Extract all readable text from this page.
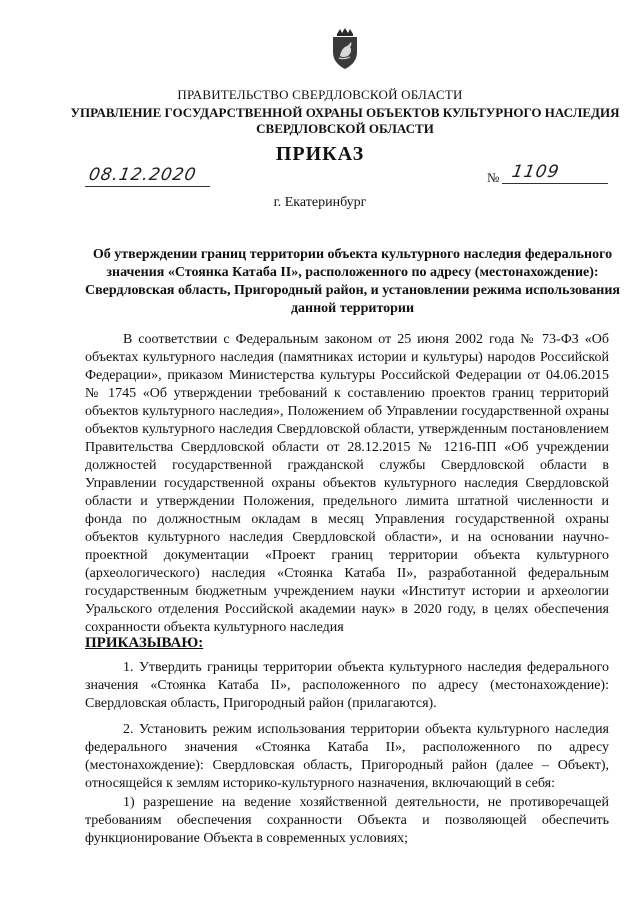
ПРАВИТЕЛЬСТВО СВЕРДЛОВСКОЙ ОБЛАСТИ
УПРАВЛЕНИЕ ГОСУДАРСТВЕННОЙ ОХРАНЫ ОБЪЕКТОВ КУЛЬТУРНОГО НАСЛЕДИЯ СВЕРДЛОВСКОЙ ОБЛАСТИ
ПРИКАЗ
08.12.2020	№ 1109
г. Екатеринбург
Об утверждении границ территории объекта культурного наследия федерального значения «Стоянка Катаба II», расположенного по адресу (местонахождение): Свердловская область, Пригородный район, и установлении режима использования данной территории

В соответствии с Федеральным законом от 25 июня 2002 года № 73-ФЗ «Об объектах культурного наследия (памятниках истории и культуры) народов Российской Федерации», приказом Министерства культуры Российской Федерации от 04.06.2015 № 1745 «Об утверждении требований к составлению проектов границ территорий объектов культурного наследия», Положением об Управлении государственной охраны объектов культурного наследия Свердловской области, утвержденным постановлением Правительства Свердловской области от 28.12.2015 № 1216-ПП «Об учреждении должностей государственной гражданской службы Свердловской области в Управлении государственной охраны объектов культурного наследия Свердловской области и утверждении Положения, предельного лимита штатной численности и фонда по должностным окладам в месяц Управления государственной охраны объектов культурного наследия Свердловской области», и на основании научно-проектной документации «Проект границ территории объекта культурного (археологического) наследия «Стоянка Катаба II», разработанной федеральным государственным бюджетным учреждением науки «Институт истории и археологии Уральского отделения Российской академии наук» в 2020 году, в целях обеспечения сохранности объекта культурного наследия

ПРИКАЗЫВАЮ:

1. Утвердить границы территории объекта культурного наследия федерального значения «Стоянка Катаба II», расположенного по адресу (местонахождение): Свердловская область, Пригородный район (прилагаются).

2. Установить режим использования территории объекта культурного наследия федерального значения «Стоянка Катаба II», расположенного по адресу (местонахождение): Свердловская область, Пригородный район (далее – Объект), относящейся к землям историко-культурного назначения, включающий в себя:

1) разрешение на ведение хозяйственной деятельности, не противоречащей требованиям обеспечения сохранности Объекта и позволяющей обеспечить функционирование Объекта в современных условиях;
